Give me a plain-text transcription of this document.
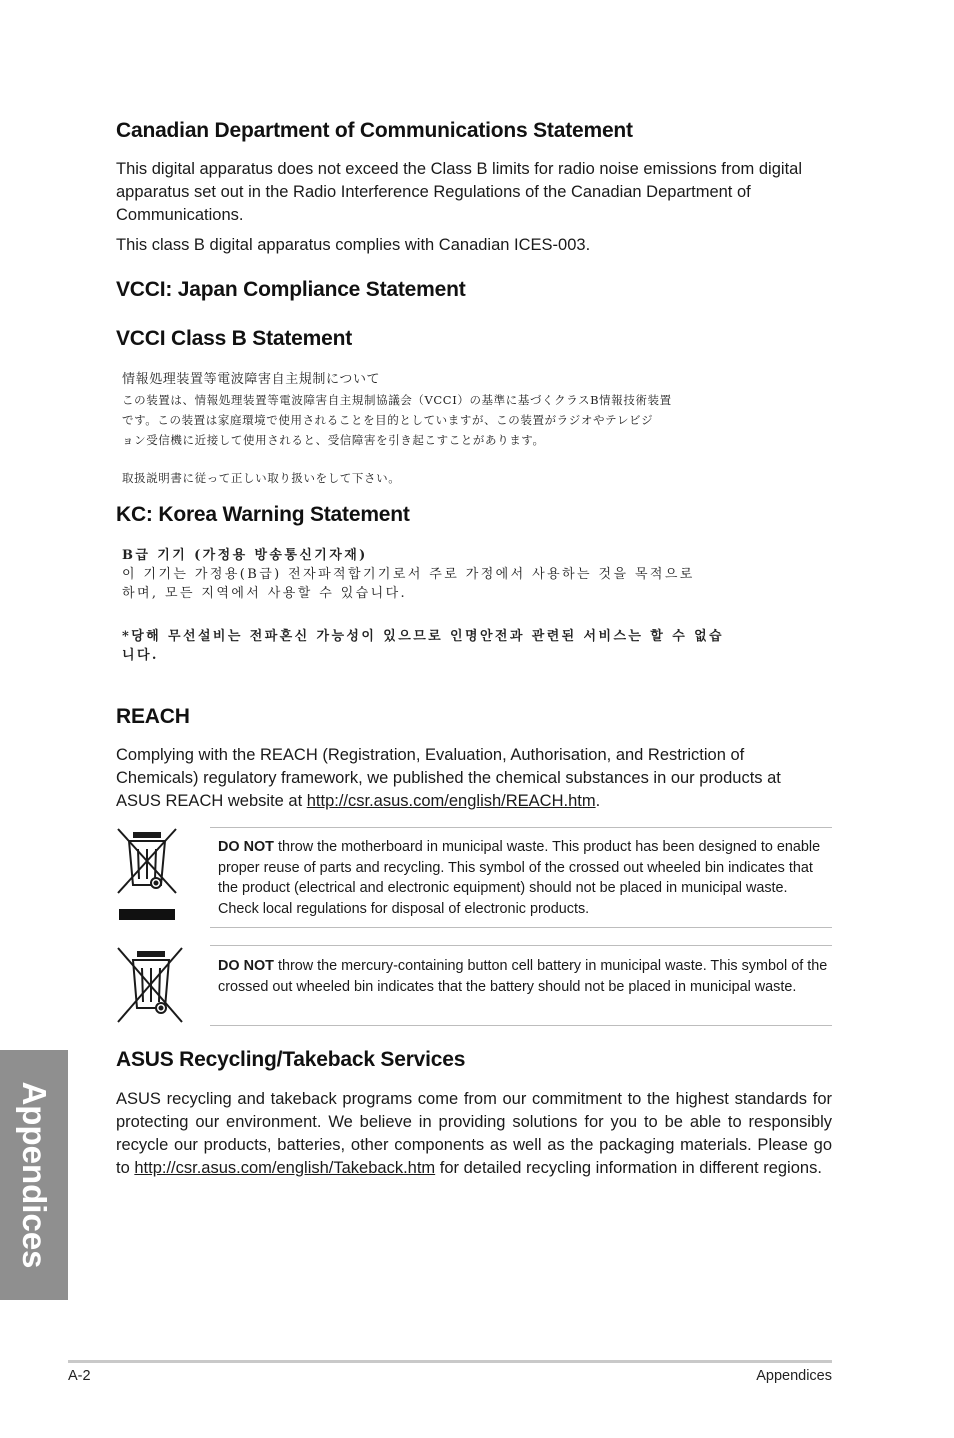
Canadian Department of Communications Statement

This digital apparatus does not exceed the Class B limits for radio noise emissions from digital apparatus set out in the Radio Interference Regulations of the Canadian Department of Communications.

This class B digital apparatus complies with Canadian ICES-003.

VCCI: Japan Compliance Statement
VCCI Class B Statement
情報処理装置等電波障害自主規制について
この装置は、情報処理装置等電波障害自主規制協議会（VCCI）の基準に基づくクラスB情報技術装置
です。この装置は家庭環境で使用されることを目的としていますが、この装置がラジオやテレビジ
ョン受信機に近接して使用されると、受信障害を引き起こすことがあります。
取扱説明書に従って正しい取り扱いをして下さい。
KC: Korea Warning Statement
B급 기기 (가정용 방송통신기자재)
이 기기는 가정용(B급) 전자파적합기기로서 주로 가정에서 사용하는 것을 목적으로
하며, 모든 지역에서 사용할 수 있습니다.
*당해 무선설비는 전파혼신 가능성이 있으므로 인명안전과 관련된 서비스는 할 수 없습
니다.
REACH

Complying with the REACH (Registration, Evaluation, Authorisation, and Restriction of Chemicals) regulatory framework, we published the chemical substances in our products at ASUS REACH website at http://csr.asus.com/english/REACH.htm.

DO NOT throw the motherboard in municipal waste. This product has been designed to enable proper reuse of parts and recycling. This symbol of the crossed out wheeled bin indicates that the product (electrical and electronic equipment) should not be placed in municipal waste. Check local regulations for disposal of electronic products.

DO NOT throw the mercury-containing button cell battery in municipal waste. This symbol of the crossed out wheeled bin indicates that the battery should not be placed in municipal waste.

ASUS Recycling/Takeback Services

ASUS recycling and takeback programs come from our commitment to the highest standards for protecting our environment. We believe in providing solutions for you to be able to responsibly recycle our products, batteries, other components as well as the packaging materials. Please go to http://csr.asus.com/english/Takeback.htm for detailed recycling information in different regions.

Appendices
A-2	Appendices
